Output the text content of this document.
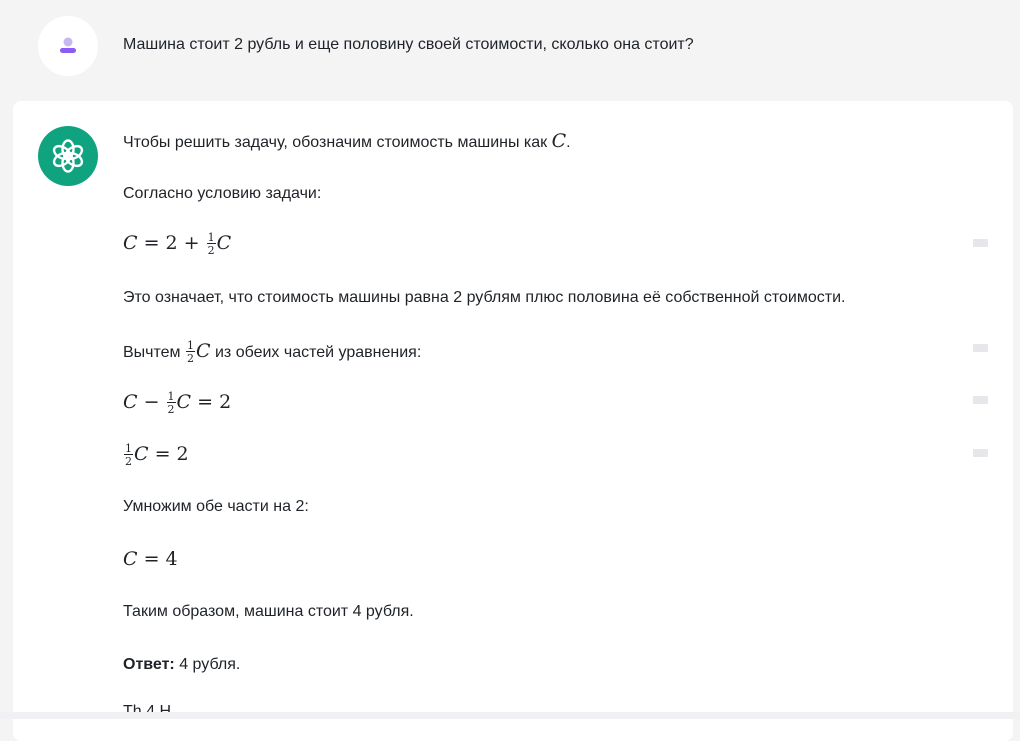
Машина стоит 2 рубль и еще половину своей стоимости, сколько она стоит?
Чтобы решить задачу, обозначим стоимость машины как C.
Согласно условию задачи:
$C = 2 + \frac{1}{2}$ C
Это означает, что стоимость машины равна 2 рублям плюс половина её собственной стоимости.
Вычтем $\frac{1}{2}$ C из обеих частей уравнения:
$C - \frac{1}{2}$ C = 2
$\frac{1}{2}$ C = 2
Умножим обе части на 2:
C = 4
Таким образом, машина стоит 4 рубля.
Ответ: 4 рубля.
